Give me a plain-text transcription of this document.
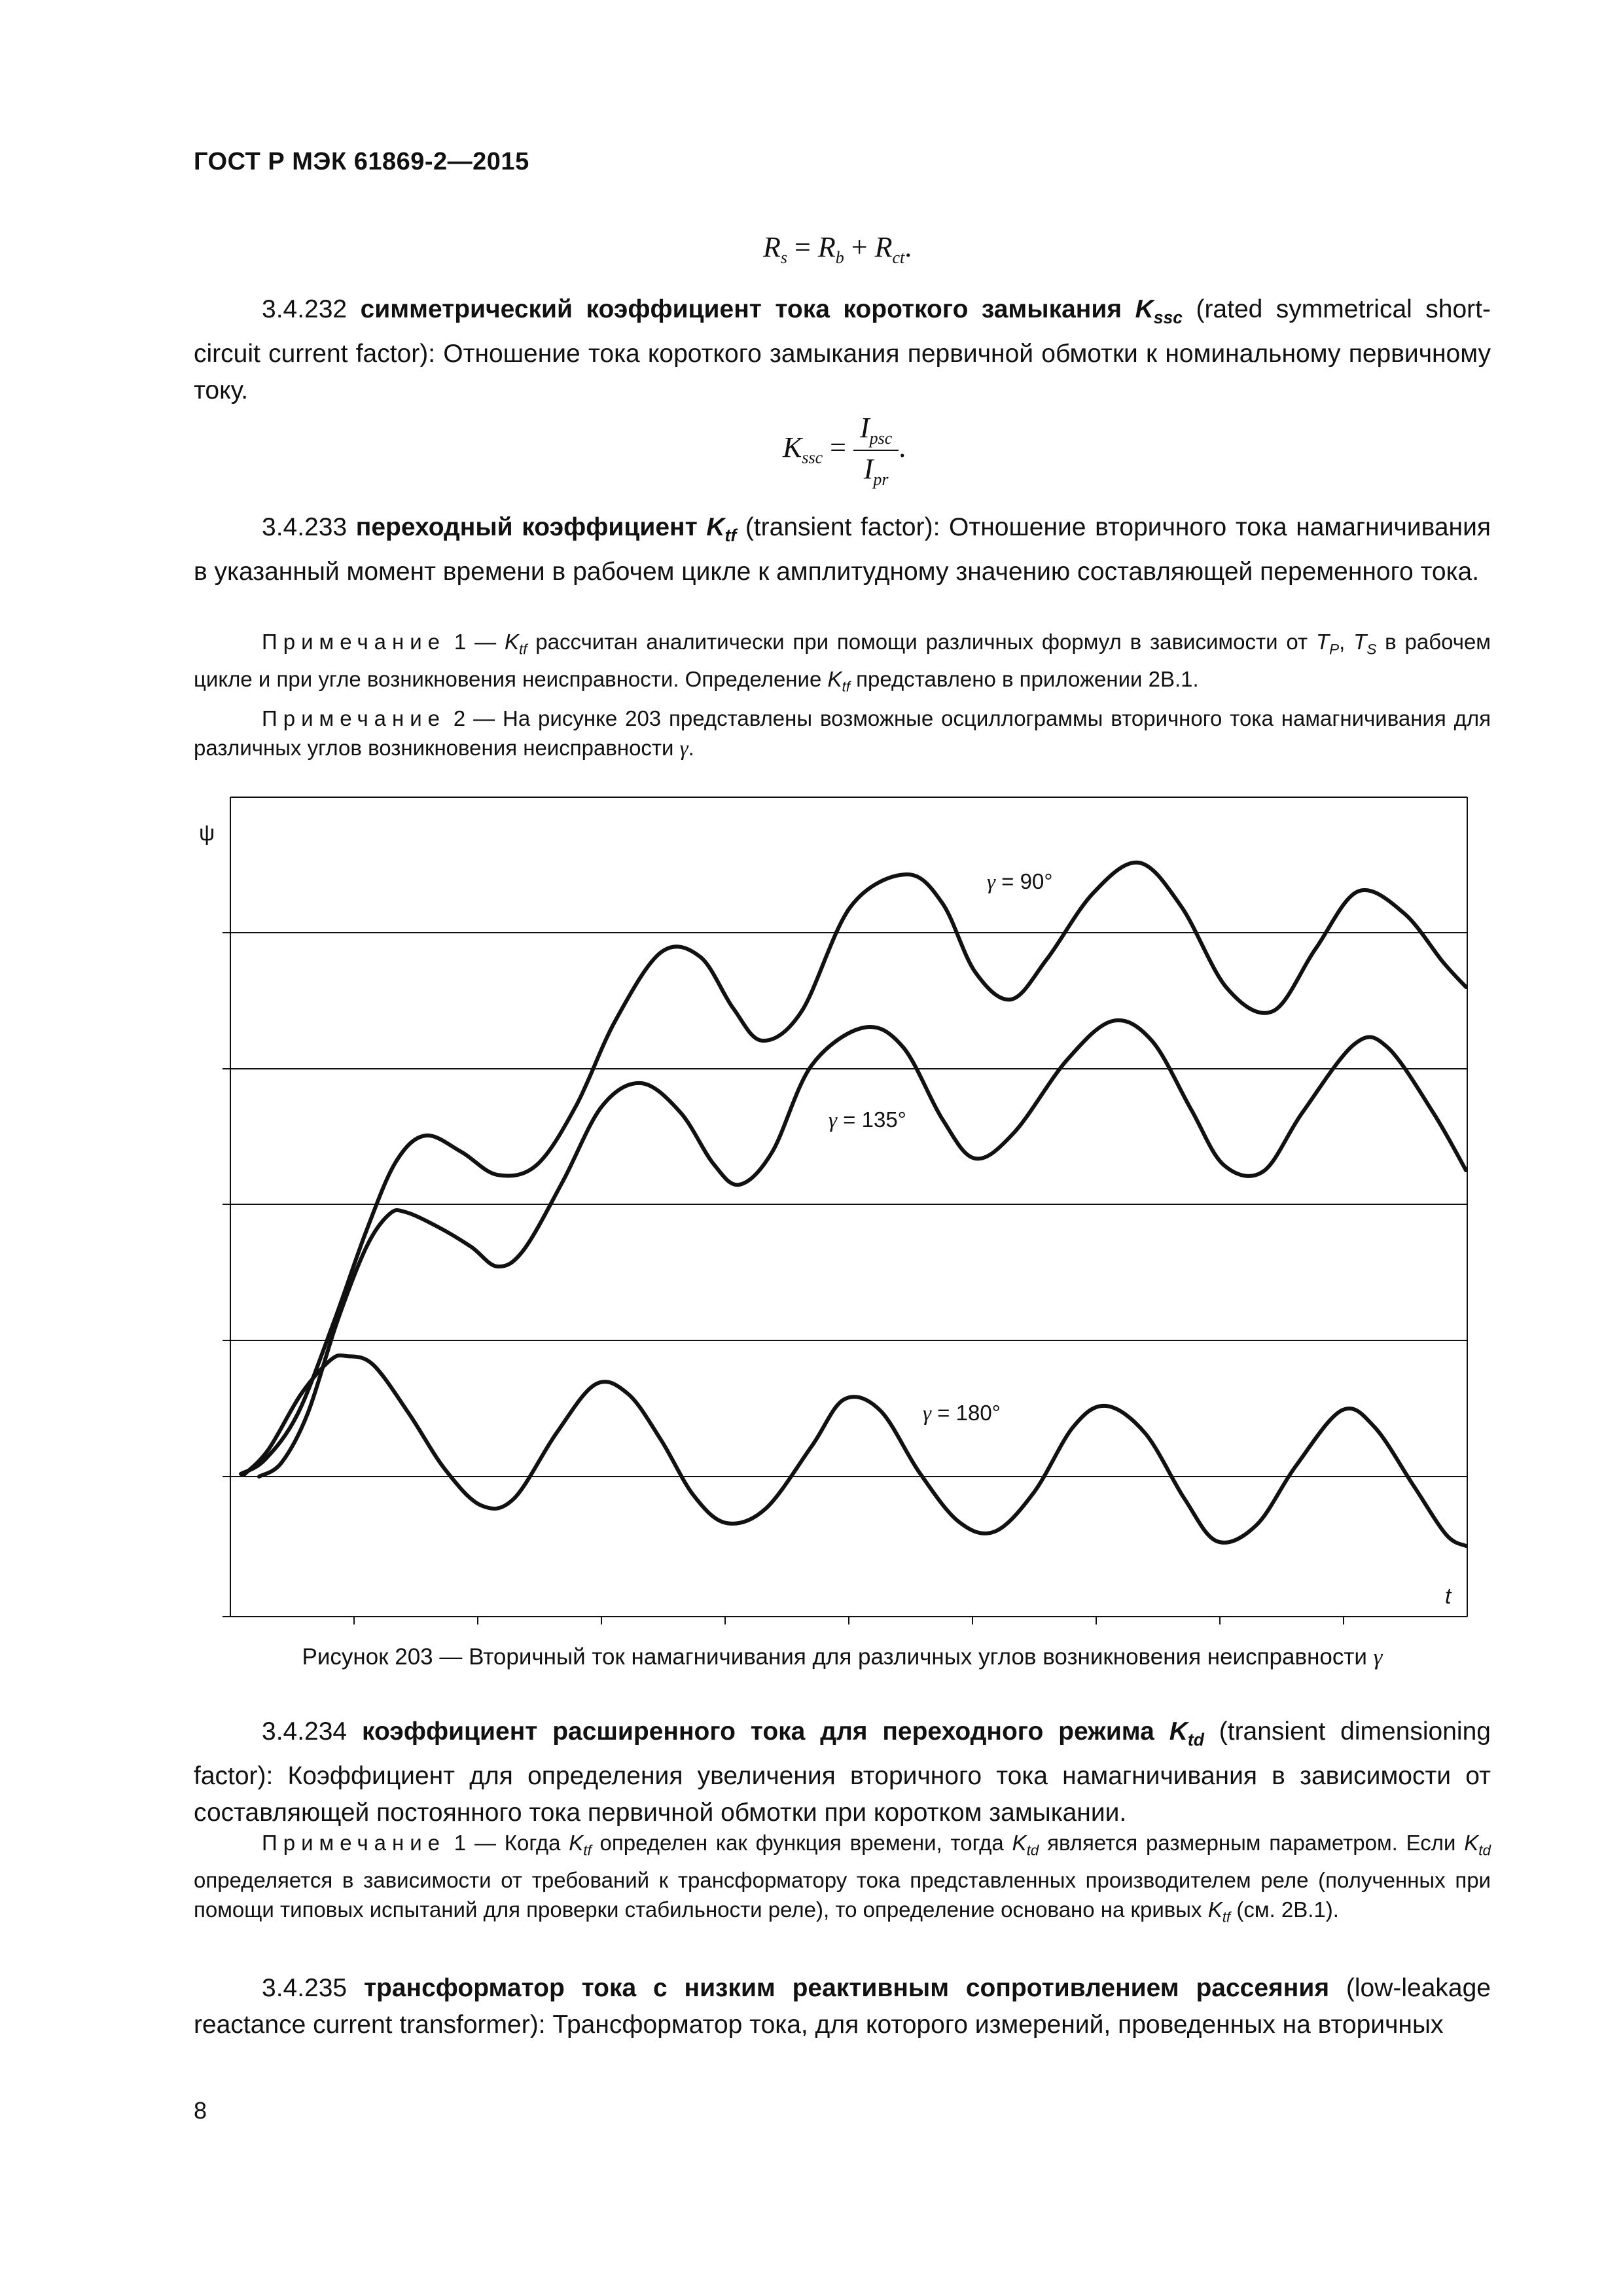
ГОСТ Р МЭК 61869-2—2015
$R_s = R_b + R_{ct}$.
3.4.232 симметрический коэффициент тока короткого замыкания $K_{ssc}$ (rated symmetrical short-circuit current factor): Отношение тока короткого замыкания первичной обмотки к номинальному первичному току.
$K_{ssc} = \frac{I_{psc}}{I_{pr}}$ .
3.4.233 переходный коэффициент $K_{tf}$ (transient factor): Отношение вторичного тока намагничивания в указанный момент времени в рабочем цикле к амплитудному значению составляющей переменного тока.
Примечание 1 — $K_{tf}$ рассчитан аналитически при помощи различных формул в зависимости от $T_P$, $T_S$ в рабочем цикле и при угле возникновения неисправности. Определение $K_{tf}$ представлено в приложении 2B.1.
Примечание 2 — На рисунке 203 представлены возможные осциллограммы вторичного тока намагничивания для различных углов возникновения неисправности γ.
ψ
t
γ = 90°
γ = 135°
γ = 180°
Рисунок 203 — Вторичный ток намагничивания для различных углов возникновения неисправности γ
3.4.234 коэффициент расширенного тока для переходного режима $K_{td}$ (transient dimensioning factor): Коэффициент для определения увеличения вторичного тока намагничивания в зависимости от составляющей постоянного тока первичной обмотки при коротком замыкании.
Примечание 1 — Когда $K_{tf}$ определен как функция времени, тогда $K_{td}$ является размерным параметром. Если $K_{td}$ определяется в зависимости от требований к трансформатору тока представленных производителем реле (полученных при помощи типовых испытаний для проверки стабильности реле), то определение основано на кривых $K_{tf}$ (см. 2B.1).
3.4.235 трансформатор тока с низким реактивным сопротивлением рассеяния (low-leakage reactance current transformer): Трансформатор тока, для которого измерений, проведенных на вторичных
8
